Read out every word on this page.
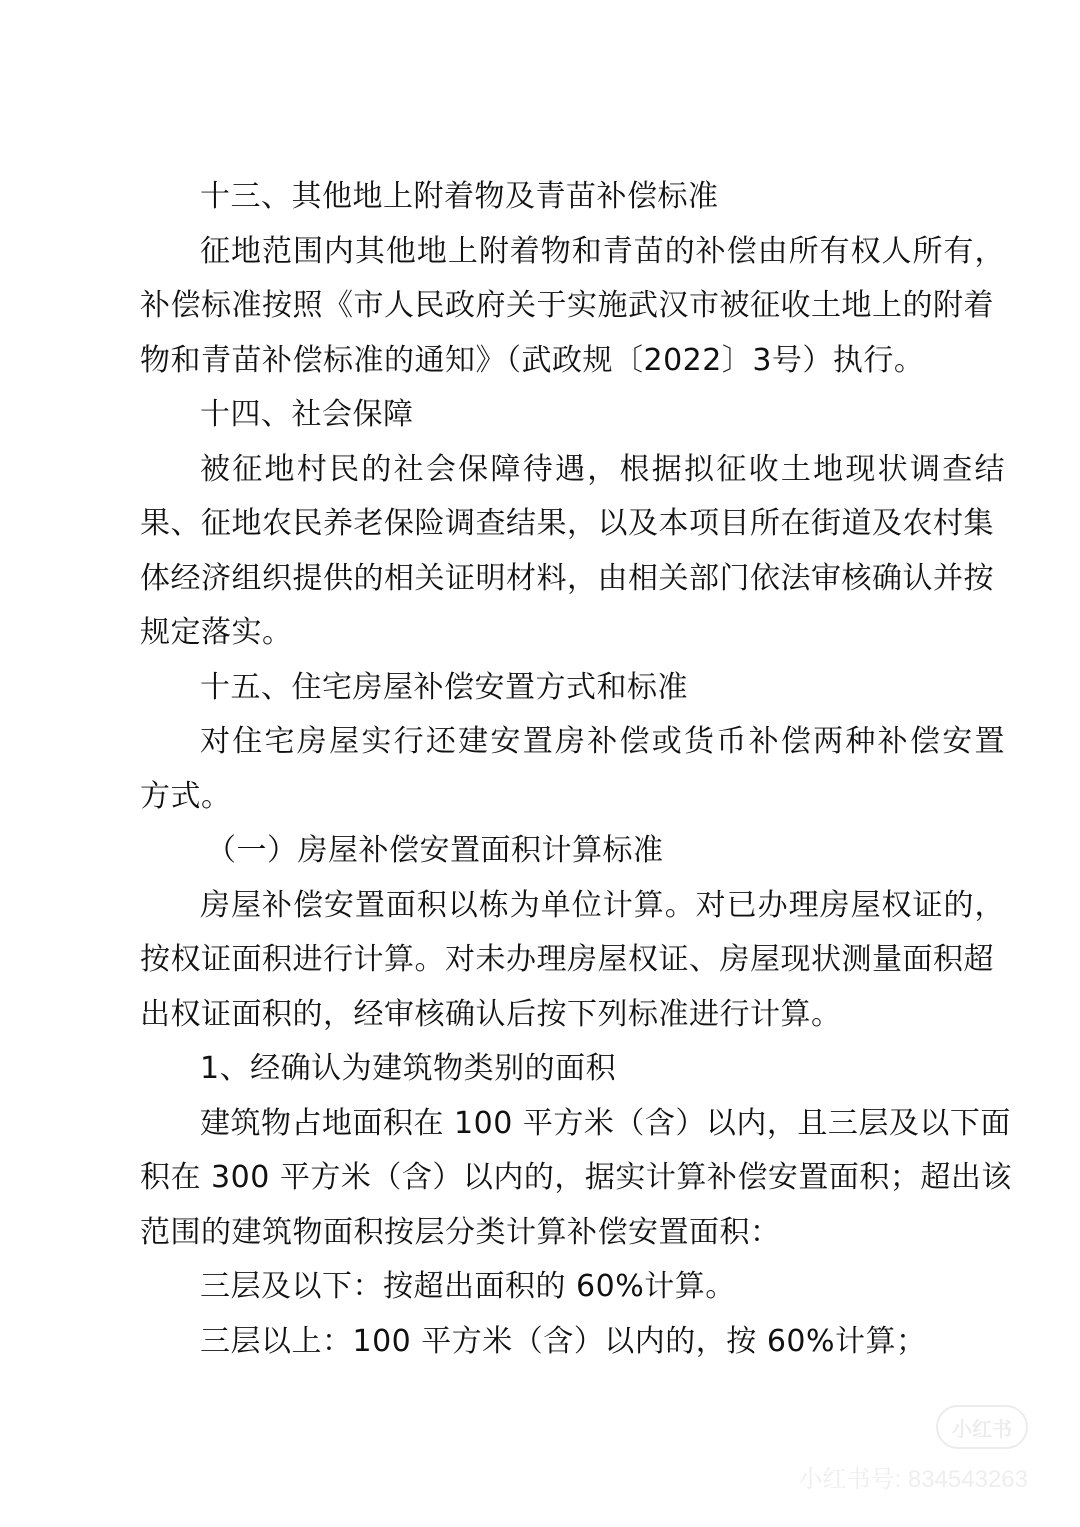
十三、其他地上附着物及青苗补偿标准
征地范围内其他地上附着物和青苗的补偿由所有权人所有，
补偿标准按照《市人民政府关于实施武汉市被征收土地上的附着
物和青苗补偿标准的通知》（武政规〔2022〕3号）执行。
十四、社会保障
被征地村民的社会保障待遇，根据拟征收土地现状调查结
果、征地农民养老保险调查结果，以及本项目所在街道及农村集
体经济组织提供的相关证明材料，由相关部门依法审核确认并按
规定落实。
十五、住宅房屋补偿安置方式和标准
对住宅房屋实行还建安置房补偿或货币补偿两种补偿安置
方式。
（一）房屋补偿安置面积计算标准
房屋补偿安置面积以栋为单位计算。对已办理房屋权证的，
按权证面积进行计算。对未办理房屋权证、房屋现状测量面积超
出权证面积的，经审核确认后按下列标准进行计算。
1、经确认为建筑物类别的面积
建筑物占地面积在 100 平方米（含）以内，且三层及以下面
积在 300 平方米（含）以内的，据实计算补偿安置面积；超出该
范围的建筑物面积按层分类计算补偿安置面积：
三层及以下：按超出面积的 60%计算。
三层以上：100 平方米（含）以内的，按 60%计算；
小红书
小红书号: 834543263
